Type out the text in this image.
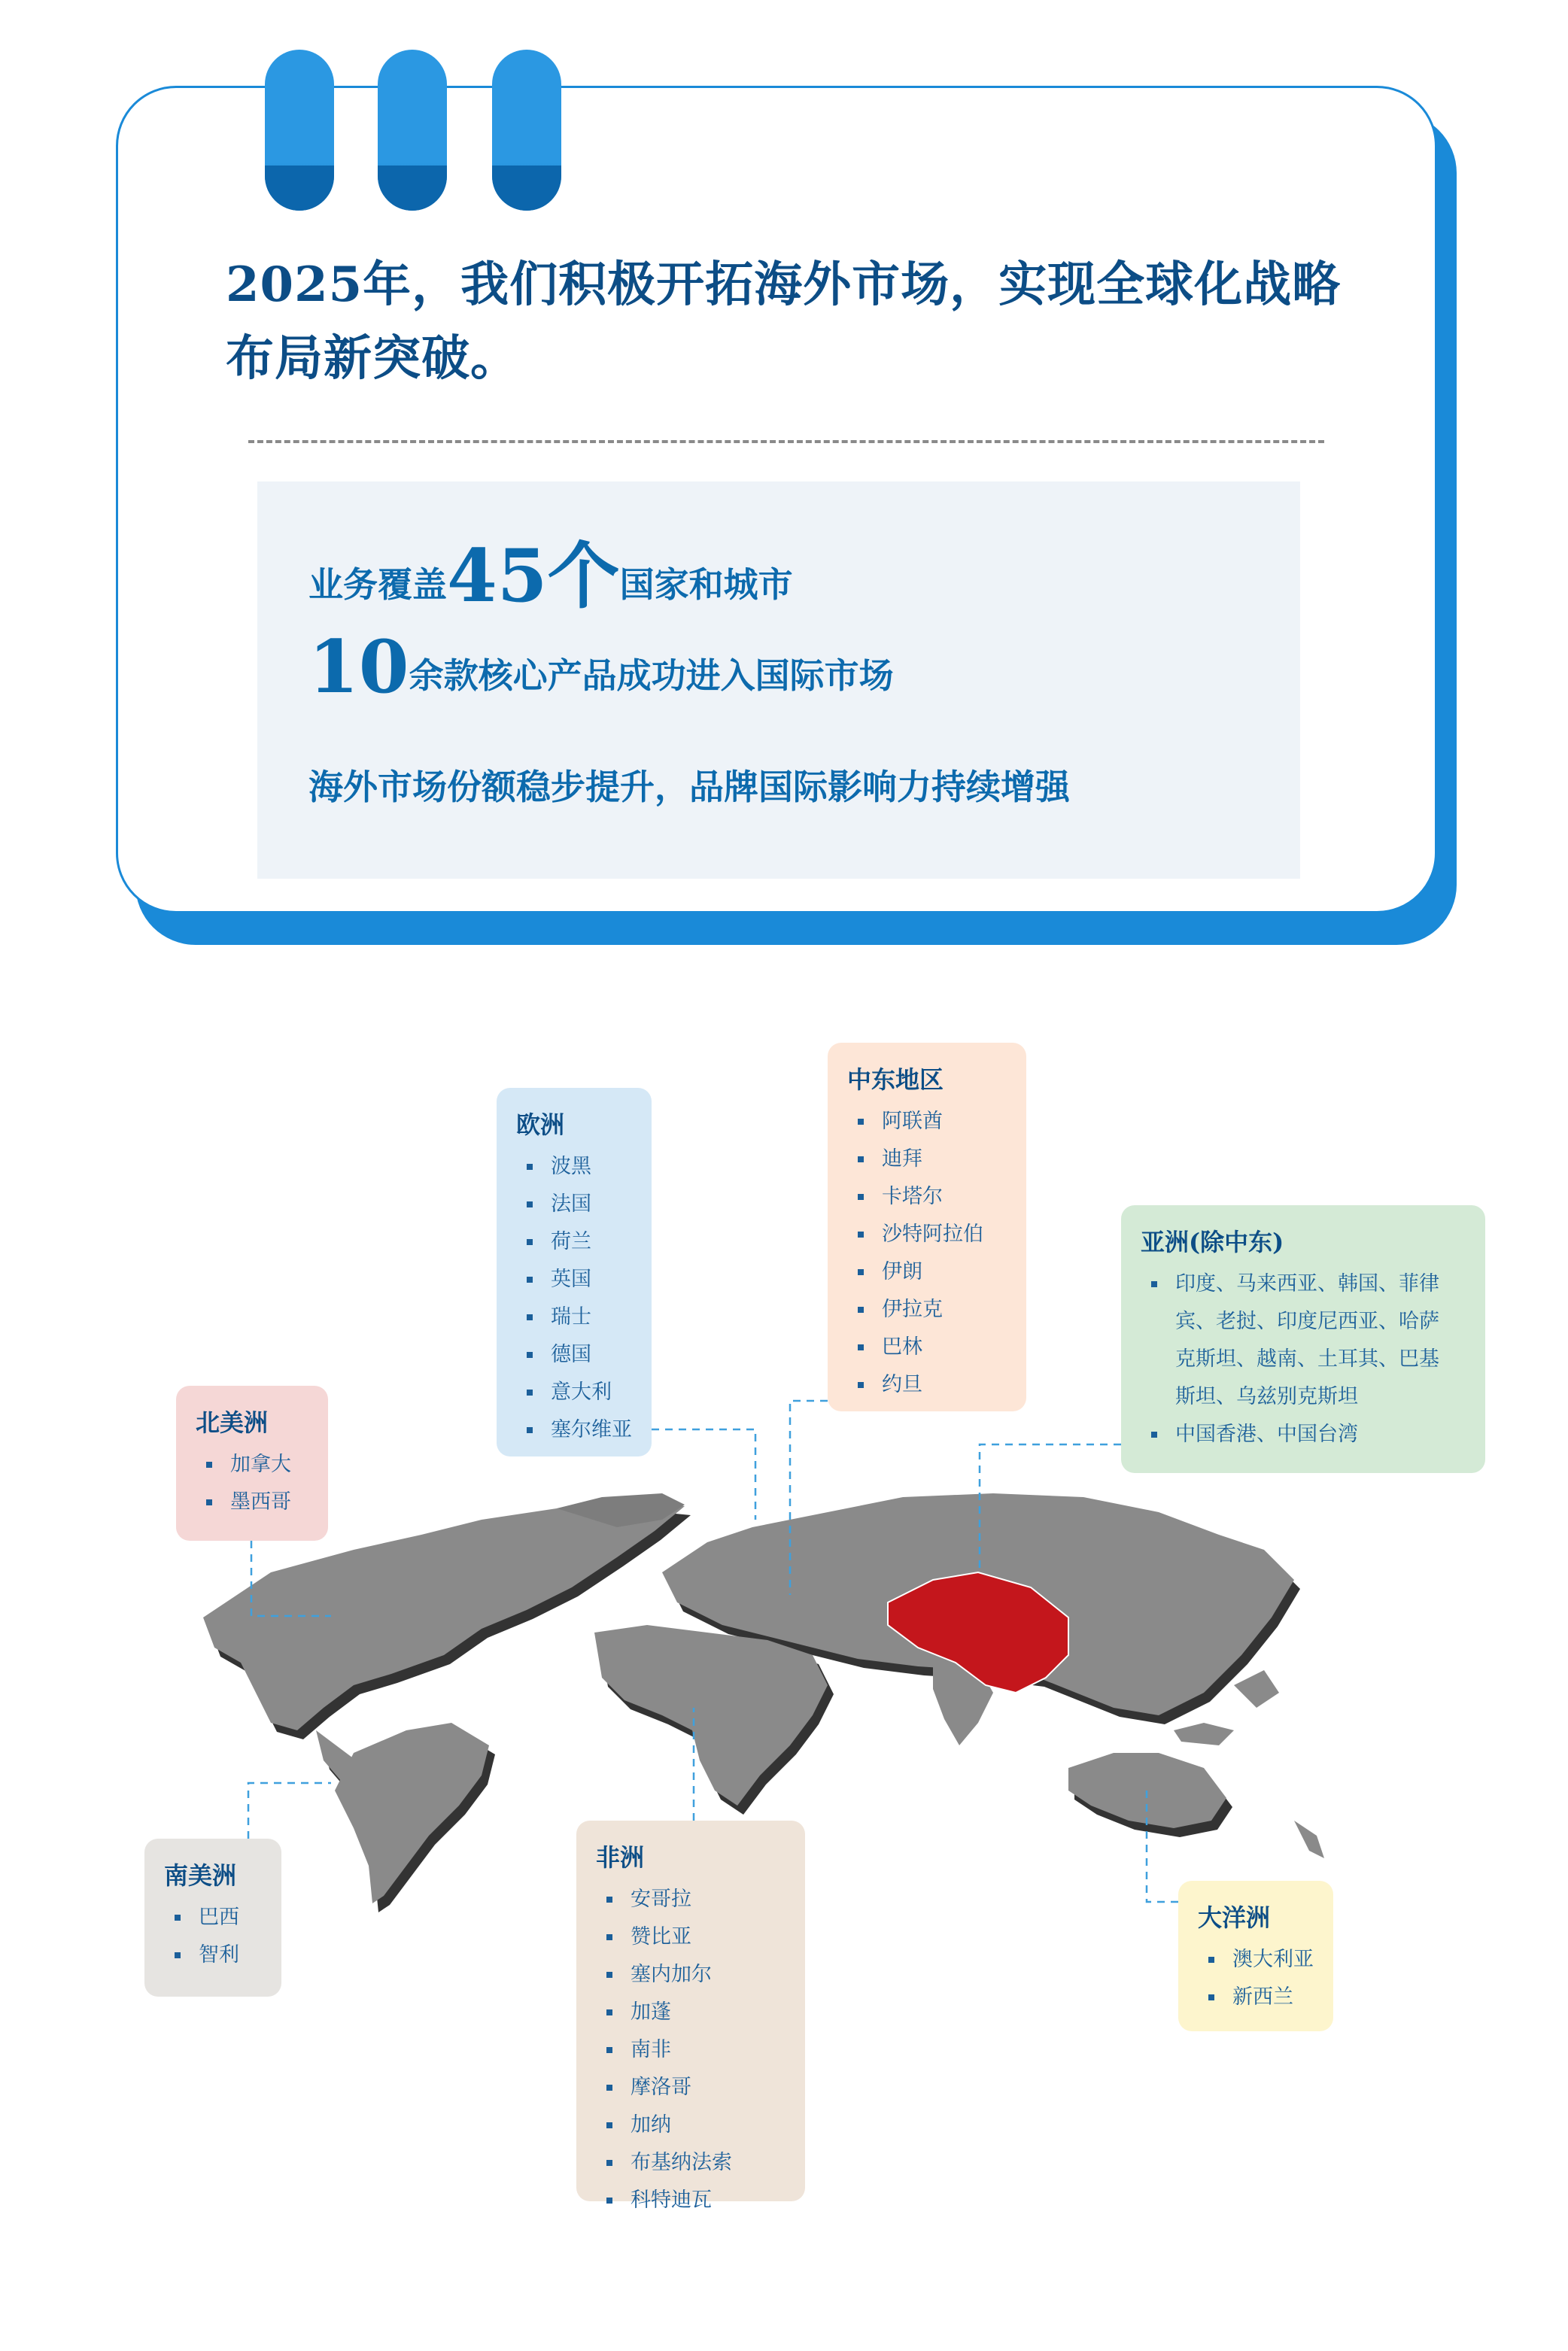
2025年，我们积极开拓海外市场，实现全球化战略布局新突破。
业务覆盖45个国家和城市
10余款核心产品成功进入国际市场
海外市场份额稳步提升，品牌国际影响力持续增强
欧洲
波黑
法国
荷兰
英国
瑞士
德国
意大利
塞尔维亚
中东地区
阿联酋
迪拜
卡塔尔
沙特阿拉伯
伊朗
伊拉克
巴林
约旦
亚洲(除中东)
印度、马来西亚、韩国、菲律宾、老挝、印度尼西亚、哈萨克斯坦、越南、土耳其、巴基斯坦、乌兹别克斯坦
中国香港、中国台湾
北美洲
加拿大
墨西哥
南美洲
巴西
智利
非洲
安哥拉
赞比亚
塞内加尔
加蓬
南非
摩洛哥
加纳
布基纳法索
科特迪瓦
大洋洲
澳大利亚
新西兰
